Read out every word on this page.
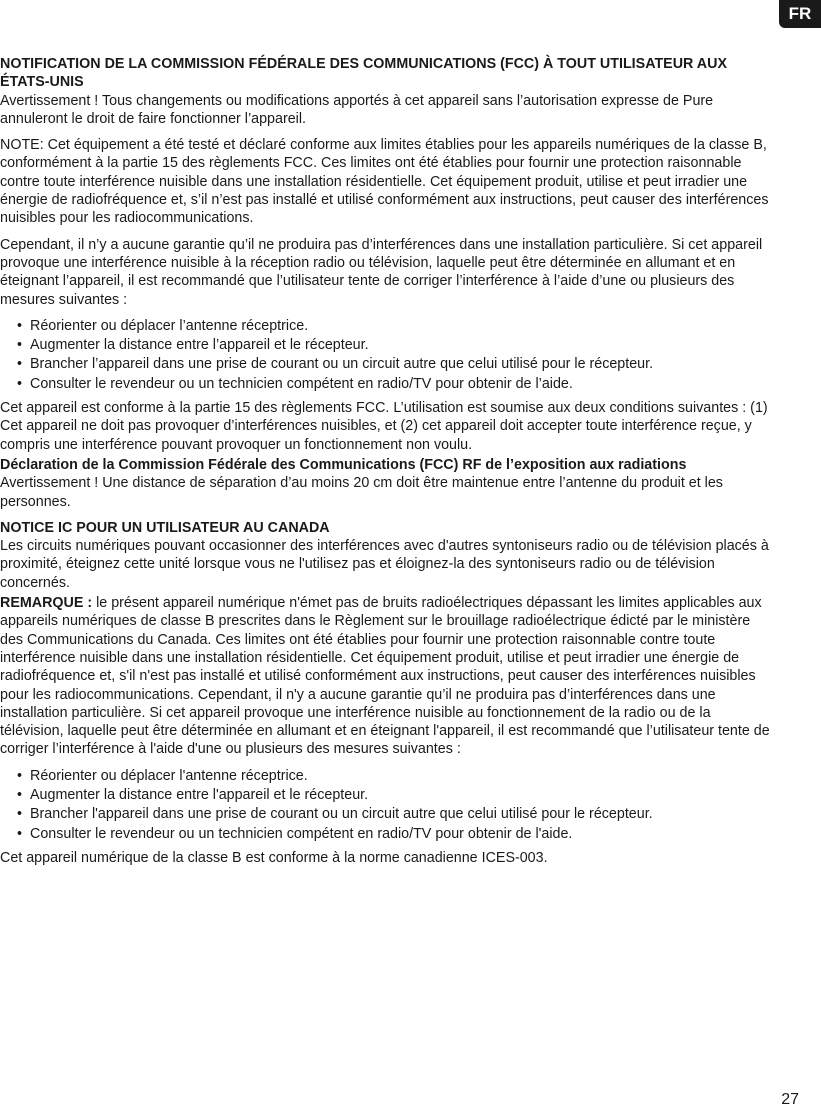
FR

NOTIFICATION DE LA COMMISSION FÉDÉRALE DES COMMUNICATIONS (FCC) À TOUT UTILISATEUR AUX ÉTATS-UNIS

Avertissement ! Tous changements ou modifications apportés à cet appareil sans l’autorisation expresse de Pure annuleront le droit de faire fonctionner l’appareil.

NOTE: Cet équipement a été testé et déclaré conforme aux limites établies pour les appareils numériques de la classe B, conformément à la partie 15 des règlements FCC. Ces limites ont été établies pour fournir une protection raisonnable contre toute interférence nuisible dans une installation résidentielle. Cet équipement produit, utilise et peut irradier une énergie de radiofréquence et, s’il n’est pas installé et utilisé conformément aux instructions, peut causer des interférences nuisibles pour les radiocommunications.

Cependant, il n’y a aucune garantie qu’il ne produira pas d’interférences dans une installation particulière. Si cet appareil provoque une interférence nuisible à la réception radio ou télévision, laquelle peut être déterminée en allumant et en éteignant l’appareil, il est recommandé que l’utilisateur tente de corriger l’interférence à l’aide d’une ou plusieurs des mesures suivantes :

• Réorienter ou déplacer l’antenne réceptrice.
• Augmenter la distance entre l’appareil et le récepteur.
• Brancher l’appareil dans une prise de courant ou un circuit autre que celui utilisé pour le récepteur.
• Consulter le revendeur ou un technicien compétent en radio/TV pour obtenir de l’aide.

Cet appareil est conforme à la partie 15 des règlements FCC. L’utilisation est soumise aux deux conditions suivantes : (1) Cet appareil ne doit pas provoquer d’interférences nuisibles, et (2) cet appareil doit accepter toute interférence reçue, y compris une interférence pouvant provoquer un fonctionnement non voulu.

Déclaration de la Commission Fédérale des Communications (FCC) RF de l’exposition aux radiations

Avertissement ! Une distance de séparation d’au moins 20 cm doit être maintenue entre l’antenne du produit et les personnes.

NOTICE IC POUR UN UTILISATEUR AU CANADA

Les circuits numériques pouvant occasionner des interférences avec d'autres syntoniseurs radio ou de télévision placés à proximité, éteignez cette unité lorsque vous ne l'utilisez pas et éloignez-la des syntoniseurs radio ou de télévision concernés.

REMARQUE : le présent appareil numérique n'émet pas de bruits radioélectriques dépassant les limites applicables aux appareils numériques de classe B prescrites dans le Règlement sur le brouillage radioélectrique édicté par le ministère des Communications du Canada. Ces limites ont été établies pour fournir une protection raisonnable contre toute interférence nuisible dans une installation résidentielle. Cet équipement produit, utilise et peut irradier une énergie de radiofréquence et, s'il n'est pas installé et utilisé conformément aux instructions, peut causer des interférences nuisibles pour les radiocommunications. Cependant, il n'y a aucune garantie qu’il ne produira pas d’interférences dans une installation particulière. Si cet appareil provoque une interférence nuisible au fonctionnement de la radio ou de la télévision, laquelle peut être déterminée en allumant et en éteignant l'appareil, il est recommandé que l’utilisateur tente de corriger l’interférence à l'aide d'une ou plusieurs des mesures suivantes :

• Réorienter ou déplacer l'antenne réceptrice.
• Augmenter la distance entre l'appareil et le récepteur.
• Brancher l'appareil dans une prise de courant ou un circuit autre que celui utilisé pour le récepteur.
• Consulter le revendeur ou un technicien compétent en radio/TV pour obtenir de l'aide.

Cet appareil numérique de la classe B est conforme à la norme canadienne ICES-003.

27
